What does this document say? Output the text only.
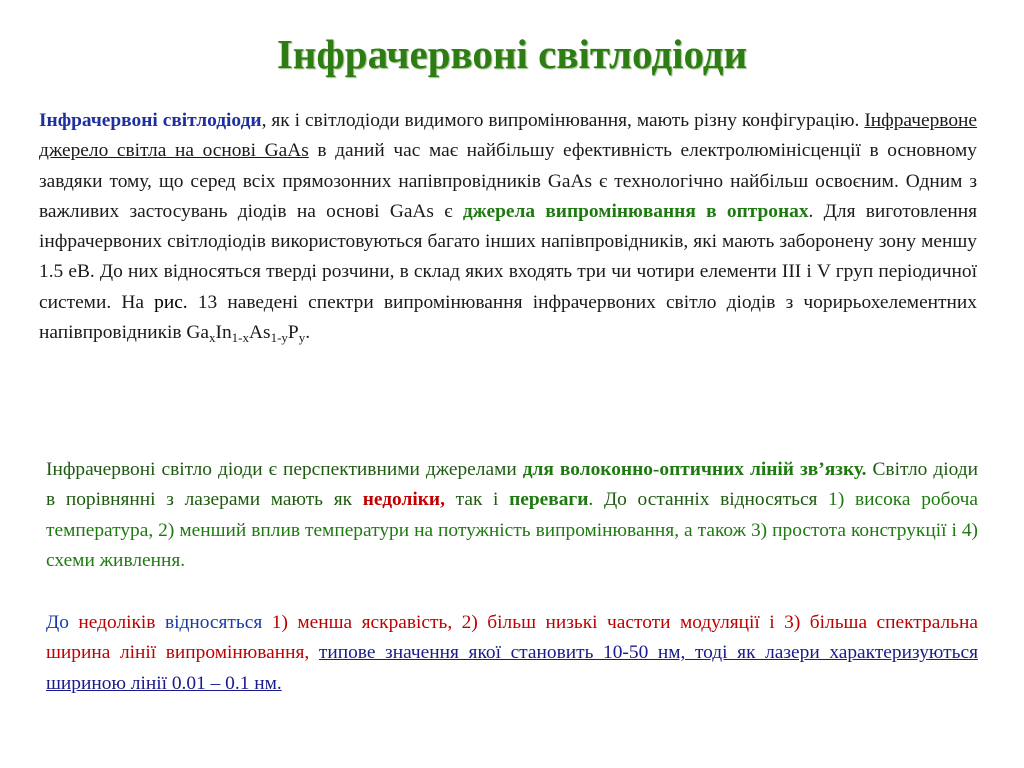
Інфрачервоні світлодіоди

Інфрачервоні світлодіоди, як і світлодіоди видимого випромінювання, мають різну конфігурацію. Інфрачервоне джерело світла на основі GaAs в даний час має найбільшу ефективність електролюмінісценції в основному завдяки тому, що серед всіх прямозонних напівпровідників GaAs є технологічно найбільш освоєним. Одним з важливих застосувань діодів на основі GaAs є джерела випромінювання в оптронах. Для виготовлення інфрачервоних світлодіодів використовуються багато інших напівпровідників, які мають заборонену зону меншу 1.5 еВ. До них відносяться тверді розчини, в склад яких входять три чи чотири елементи III і V груп періодичної системи. На рис. 13 наведені спектри випромінювання інфрачервоних світло діодів з чорирьохелементних напівпровідників $Ga_xIn_{1-x}As_{1-y}P_y$.

Інфрачервоні світло діоди є перспективними джерелами для волоконно-оптичних ліній зв’язку. Світло діоди в порівнянні з лазерами мають як недоліки, так і переваги. До останніх відносяться 1) висока робоча температура, 2) менший вплив температури на потужність випромінювання, а також 3) простота конструкції і 4) схеми живлення.

До недоліків відносяться 1) менша яскравість, 2) більш низькі частоти модуляції і 3) більша спектральна ширина лінії випромінювання, типове значення якої становить 10-50 нм, тоді як лазери характеризуються шириною лінії 0.01 – 0.1 нм.
